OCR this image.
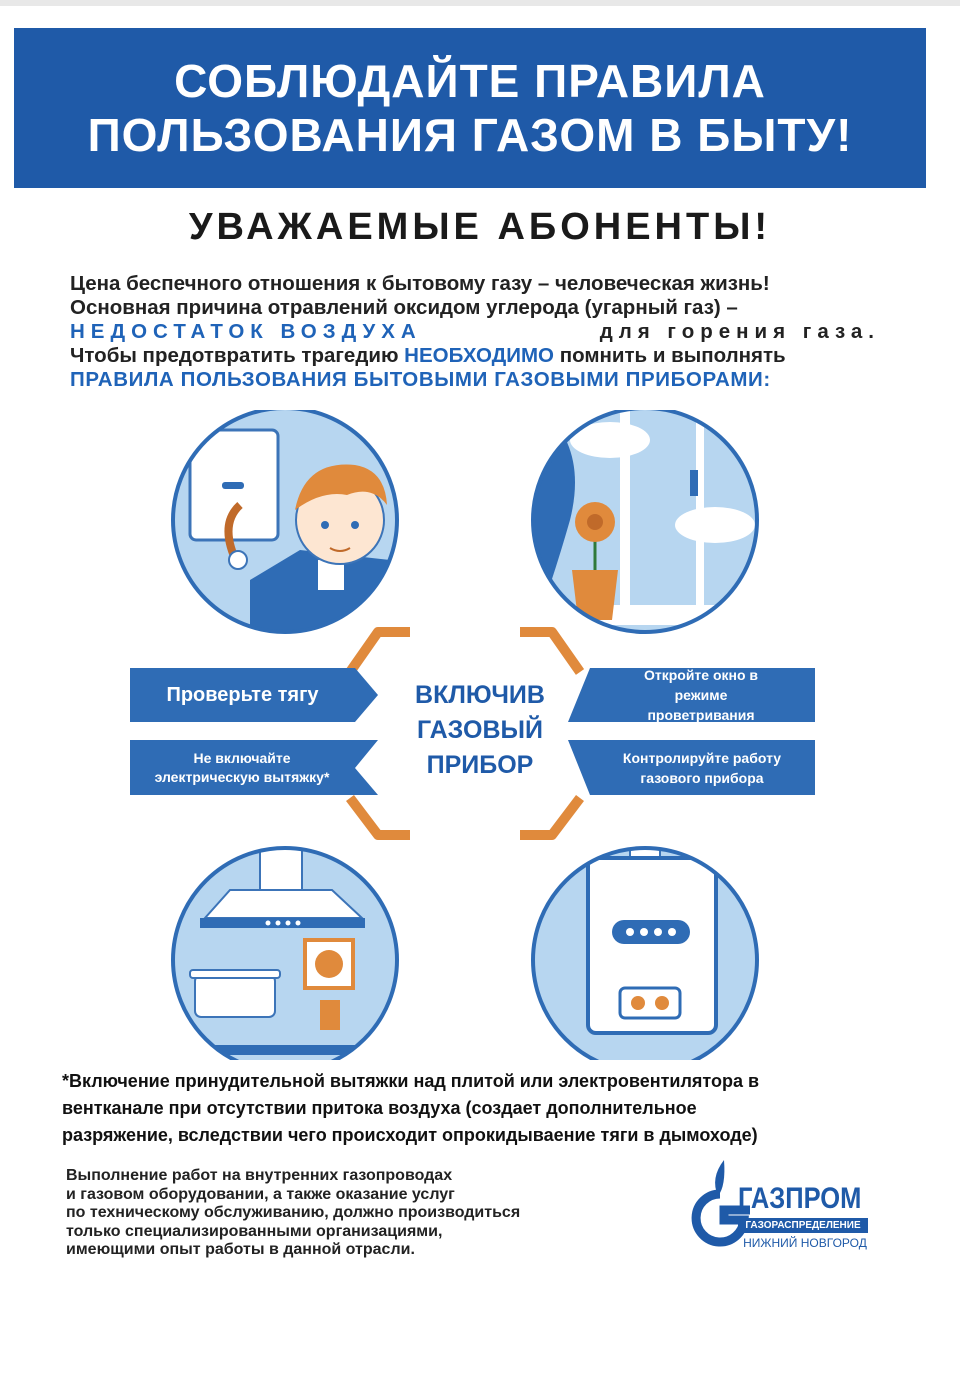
СОБЛЮДАЙТЕ ПРАВИЛА
ПОЛЬЗОВАНИЯ ГАЗОМ В БЫТУ!
УВАЖАЕМЫЕ АБОНЕНТЫ!
Цена беспечного отношения к бытовому газу – человеческая жизнь!
Основная причина отравлений оксидом углерода (угарный газ) –
НЕДОСТАТОК ВОЗДУХА	для горения газа.
Чтобы предотвратить трагедию НЕОБХОДИМО помнить и выполнять
ПРАВИЛА ПОЛЬЗОВАНИЯ БЫТОВЫМИ ГАЗОВЫМИ ПРИБОРАМИ:
Проверьте тягу
Не включайте
электрическую вытяжку*
Откройте окно в
режиме
проветривания
Контролируйте работу
газового прибора
ВКЛЮЧИВ
ГАЗОВЫЙ
ПРИБОР
*Включение принудительной вытяжки над плитой или электровентилятора в
вентканале при отсутствии притока воздуха (создает дополнительное
разряжение, вследствии чего происходит опрокидываение тяги в дымоходе)
Выполнение работ на внутренних газопроводах
и газовом оборудовании, а также оказание услуг
по техническому обслуживанию, должно производиться
только специализированными организациями,
имеющими опыт работы в данной отрасли.
ГАЗПРОМ
ГАЗОРАСПРЕДЕЛЕНИЕ
НИЖНИЙ НОВГОРОД
